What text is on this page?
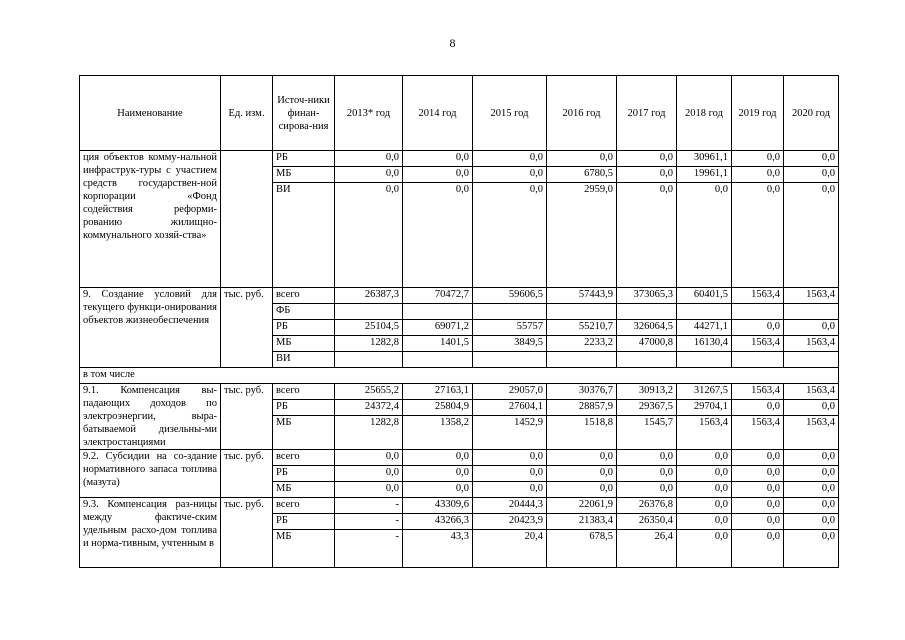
8
Наименование	Ед. изм.	Источ-ники финан-сирова-ния	2013* год	2014 год	2015 год	2016 год	2017 год	2018 год	2019 год	2020 год
ция объектов комму-нальной инфраструк-туры с участием средств государствен-ной корпорации «Фонд содействия реформи-рованию жилищно-коммунального хозяй-ства»		РБ	0,0	0,0	0,0	0,0	0,0	30961,1	0,0	0,0
		МБ	0,0	0,0	0,0	6780,5	0,0	19961,1	0,0	0,0
		ВИ	0,0	0,0	0,0	2959,0	0,0	0,0	0,0	0,0
9. Создание условий для текущего функци-онирования объектов жизнеобеспечения	тыс. руб.	всего	26387,3	70472,7	59606,5	57443,9	373065,3	60401,5	1563,4	1563,4
		ФБ								
		РБ	25104,5	69071,2	55757	55210,7	326064,5	44271,1	0,0	0,0
		МБ	1282,8	1401,5	3849,5	2233,2	47000,8	16130,4	1563,4	1563,4
		ВИ								
в том числе										
9.1. Компенсация вы-падающих доходов по электроэнергии, выра-батываемой дизельны-ми электростанциями	тыс. руб.	всего	25655,2	27163,1	29057,0	30376,7	30913,2	31267,5	1563,4	1563,4
		РБ	24372,4	25804,9	27604,1	28857,9	29367,5	29704,1	0,0	0,0
		МБ	1282,8	1358,2	1452,9	1518,8	1545,7	1563,4	1563,4	1563,4
9.2. Субсидии на со-здание нормативного запаса топлива (мазута)	тыс. руб.	всего	0,0	0,0	0,0	0,0	0,0	0,0	0,0	0,0
		РБ	0,0	0,0	0,0	0,0	0,0	0,0	0,0	0,0
		МБ	0,0	0,0	0,0	0,0	0,0	0,0	0,0	0,0
9.3. Компенсация раз-ницы между фактиче-ским удельным расхо-дом топлива и норма-тивным, учтенным в	тыс. руб.	всего	-	43309,6	20444,3	22061,9	26376,8	0,0	0,0	0,0
		РБ	-	43266,3	20423,9	21383,4	26350,4	0,0	0,0	0,0
		МБ	-	43,3	20,4	678,5	26,4	0,0	0,0	0,0
